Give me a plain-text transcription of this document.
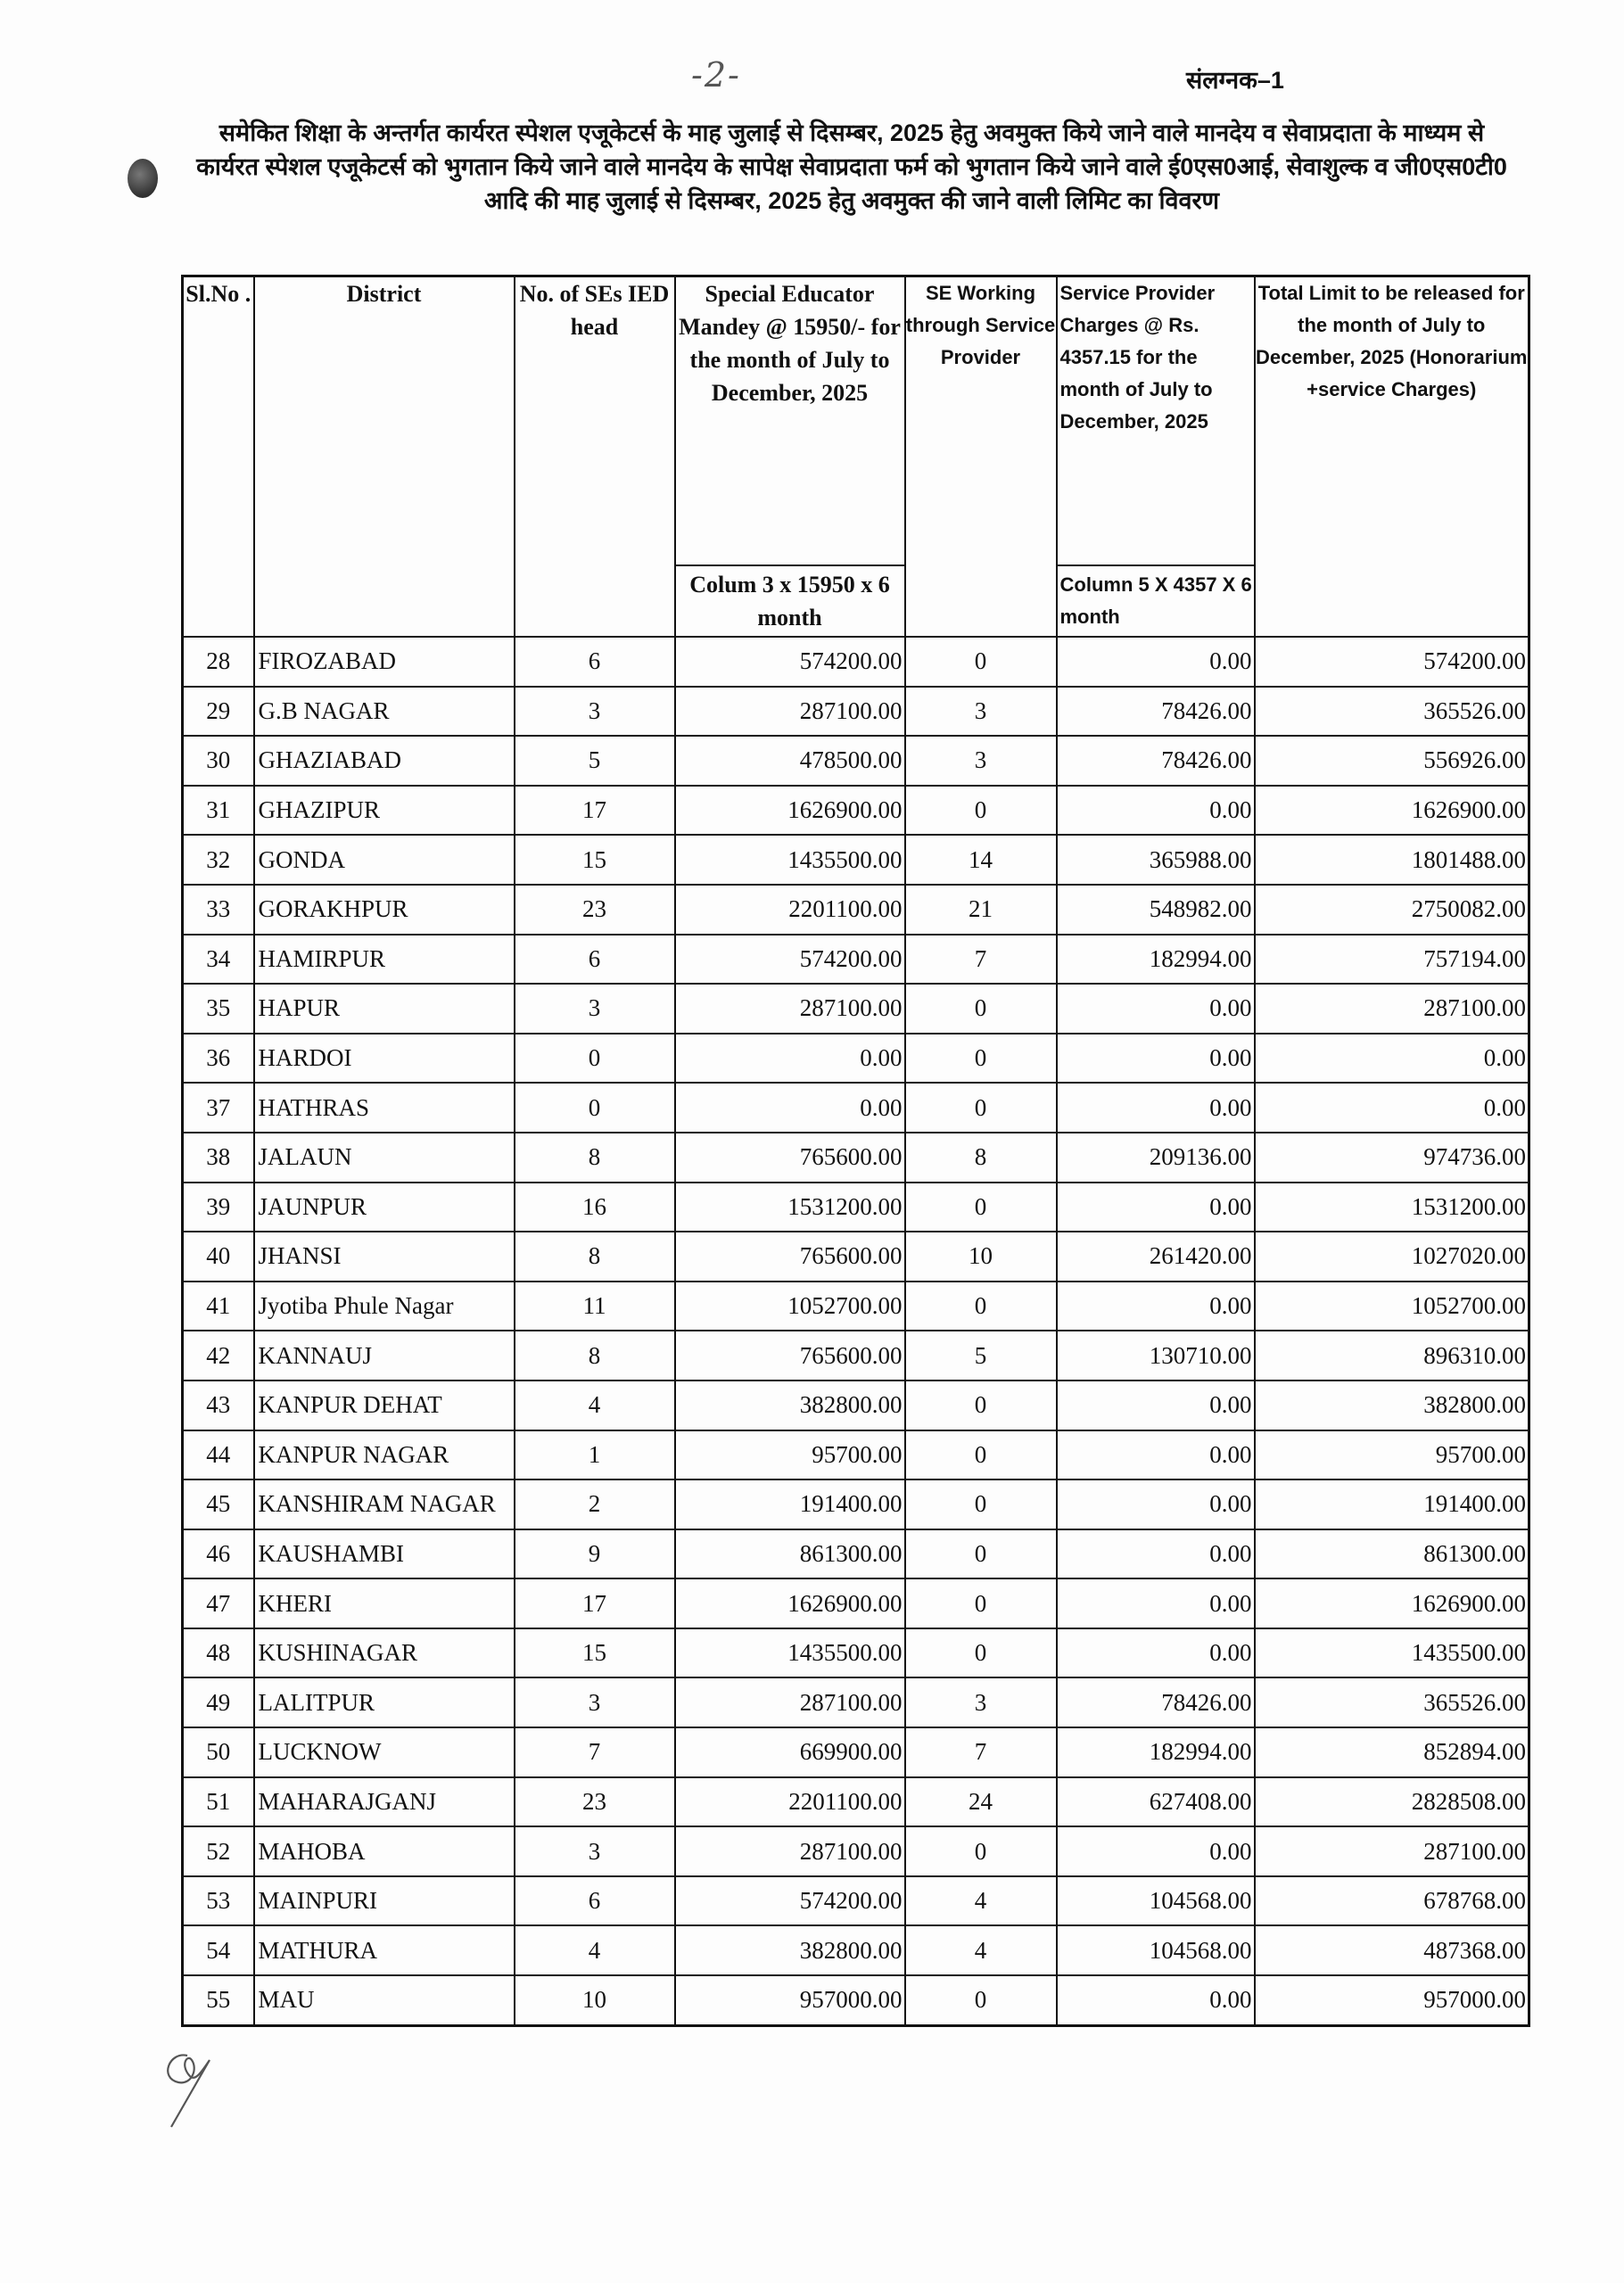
-2-	संलग्नक–1
समेकित शिक्षा के अन्तर्गत कार्यरत स्पेशल एजूकेटर्स के माह जुलाई से दिसम्बर, 2025 हेतु अवमुक्त किये जाने वाले मानदेय व सेवाप्रदाता के माध्यम से कार्यरत स्पेशल एजूकेटर्स को भुगतान किये जाने वाले मानदेय के सापेक्ष सेवाप्रदाता फर्म को भुगतान किये जाने वाले ई0एस0आई, सेवाशुल्क व जी0एस0टी0 आदि की माह जुलाई से दिसम्बर, 2025 हेतु अवमुक्त की जाने वाली लिमिट का विवरण
Sl.No .	District	No. of SEs IED head	Special Educator Mandey @ 15950/- for the month of July to December, 2025	SE Working through Service Provider	Service Provider Charges @ Rs. 4357.15 for the month of July to December, 2025	Total Limit to be released for the month of July to December, 2025 (Honorarium +service Charges)
			Colum 3 x 15950 x 6 month		Column 5 X 4357 X 6 month	
28	FIROZABAD	6	574200.00	0	0.00	574200.00
29	G.B NAGAR	3	287100.00	3	78426.00	365526.00
30	GHAZIABAD	5	478500.00	3	78426.00	556926.00
31	GHAZIPUR	17	1626900.00	0	0.00	1626900.00
32	GONDA	15	1435500.00	14	365988.00	1801488.00
33	GORAKHPUR	23	2201100.00	21	548982.00	2750082.00
34	HAMIRPUR	6	574200.00	7	182994.00	757194.00
35	HAPUR	3	287100.00	0	0.00	287100.00
36	HARDOI	0	0.00	0	0.00	0.00
37	HATHRAS	0	0.00	0	0.00	0.00
38	JALAUN	8	765600.00	8	209136.00	974736.00
39	JAUNPUR	16	1531200.00	0	0.00	1531200.00
40	JHANSI	8	765600.00	10	261420.00	1027020.00
41	Jyotiba Phule Nagar	11	1052700.00	0	0.00	1052700.00
42	KANNAUJ	8	765600.00	5	130710.00	896310.00
43	KANPUR DEHAT	4	382800.00	0	0.00	382800.00
44	KANPUR NAGAR	1	95700.00	0	0.00	95700.00
45	KANSHIRAM NAGAR	2	191400.00	0	0.00	191400.00
46	KAUSHAMBI	9	861300.00	0	0.00	861300.00
47	KHERI	17	1626900.00	0	0.00	1626900.00
48	KUSHINAGAR	15	1435500.00	0	0.00	1435500.00
49	LALITPUR	3	287100.00	3	78426.00	365526.00
50	LUCKNOW	7	669900.00	7	182994.00	852894.00
51	MAHARAJGANJ	23	2201100.00	24	627408.00	2828508.00
52	MAHOBA	3	287100.00	0	0.00	287100.00
53	MAINPURI	6	574200.00	4	104568.00	678768.00
54	MATHURA	4	382800.00	4	104568.00	487368.00
55	MAU	10	957000.00	0	0.00	957000.00
